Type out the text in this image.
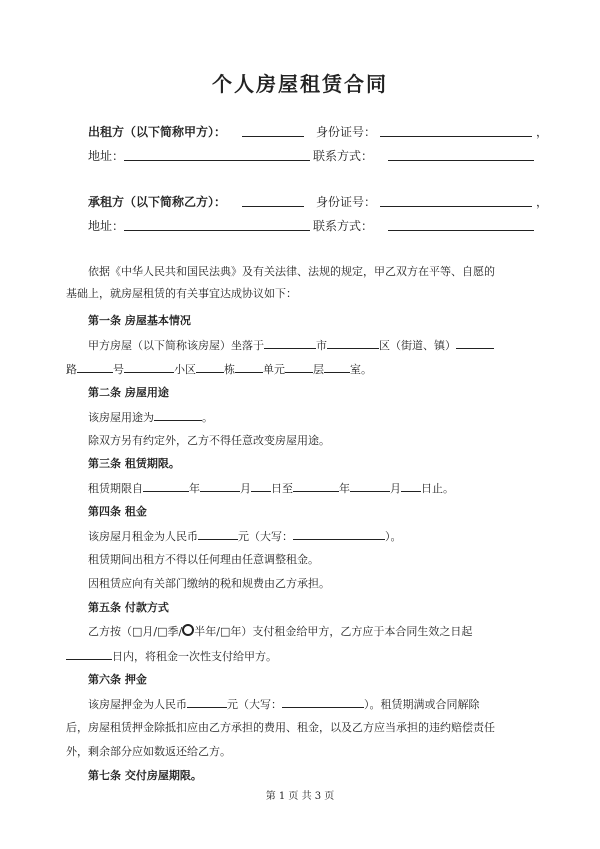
个人房屋租赁合同
出租方（以下简称甲方）：	身份证号：	，
地址：	联系方式：
承租方（以下简称乙方）：	身份证号：	，
地址：	联系方式：
依据《中华人民共和国民法典》及有关法律、法规的规定，甲乙双方在平等、自愿的
基础上，就房屋租赁的有关事宜达成协议如下：
第一条 房屋基本情况
甲方房屋（以下简称该房屋）坐落于	市	区（街道、镇）
路	号	小区	栋	单元	层 室。
第二条 房屋用途
该房屋用途为	。
除双方另有约定外，乙方不得任意改变房屋用途。
第三条 租赁期限。
租赁期限自	年	月 日至	年	月 日止。
第四条 租金
该房屋月租金为人民币	元（大写：	）。
租赁期间出租方不得以任何理由任意调整租金。
因租赁应向有关部门缴纳的税和规费由乙方承担。
第五条 付款方式
乙方按（□月/□季/ 半年/□年）支付租金给甲方，乙方应于本合同生效之日起
日内，将租金一次性支付给甲方。
第六条 押金
该房屋押金为人民币	元（大写：	）。租赁期满或合同解除
后，房屋租赁押金除抵扣应由乙方承担的费用、租金，以及乙方应当承担的违约赔偿责任
外，剩余部分应如数返还给乙方。
第七条 交付房屋期限。
第 1 页 共 3 页
